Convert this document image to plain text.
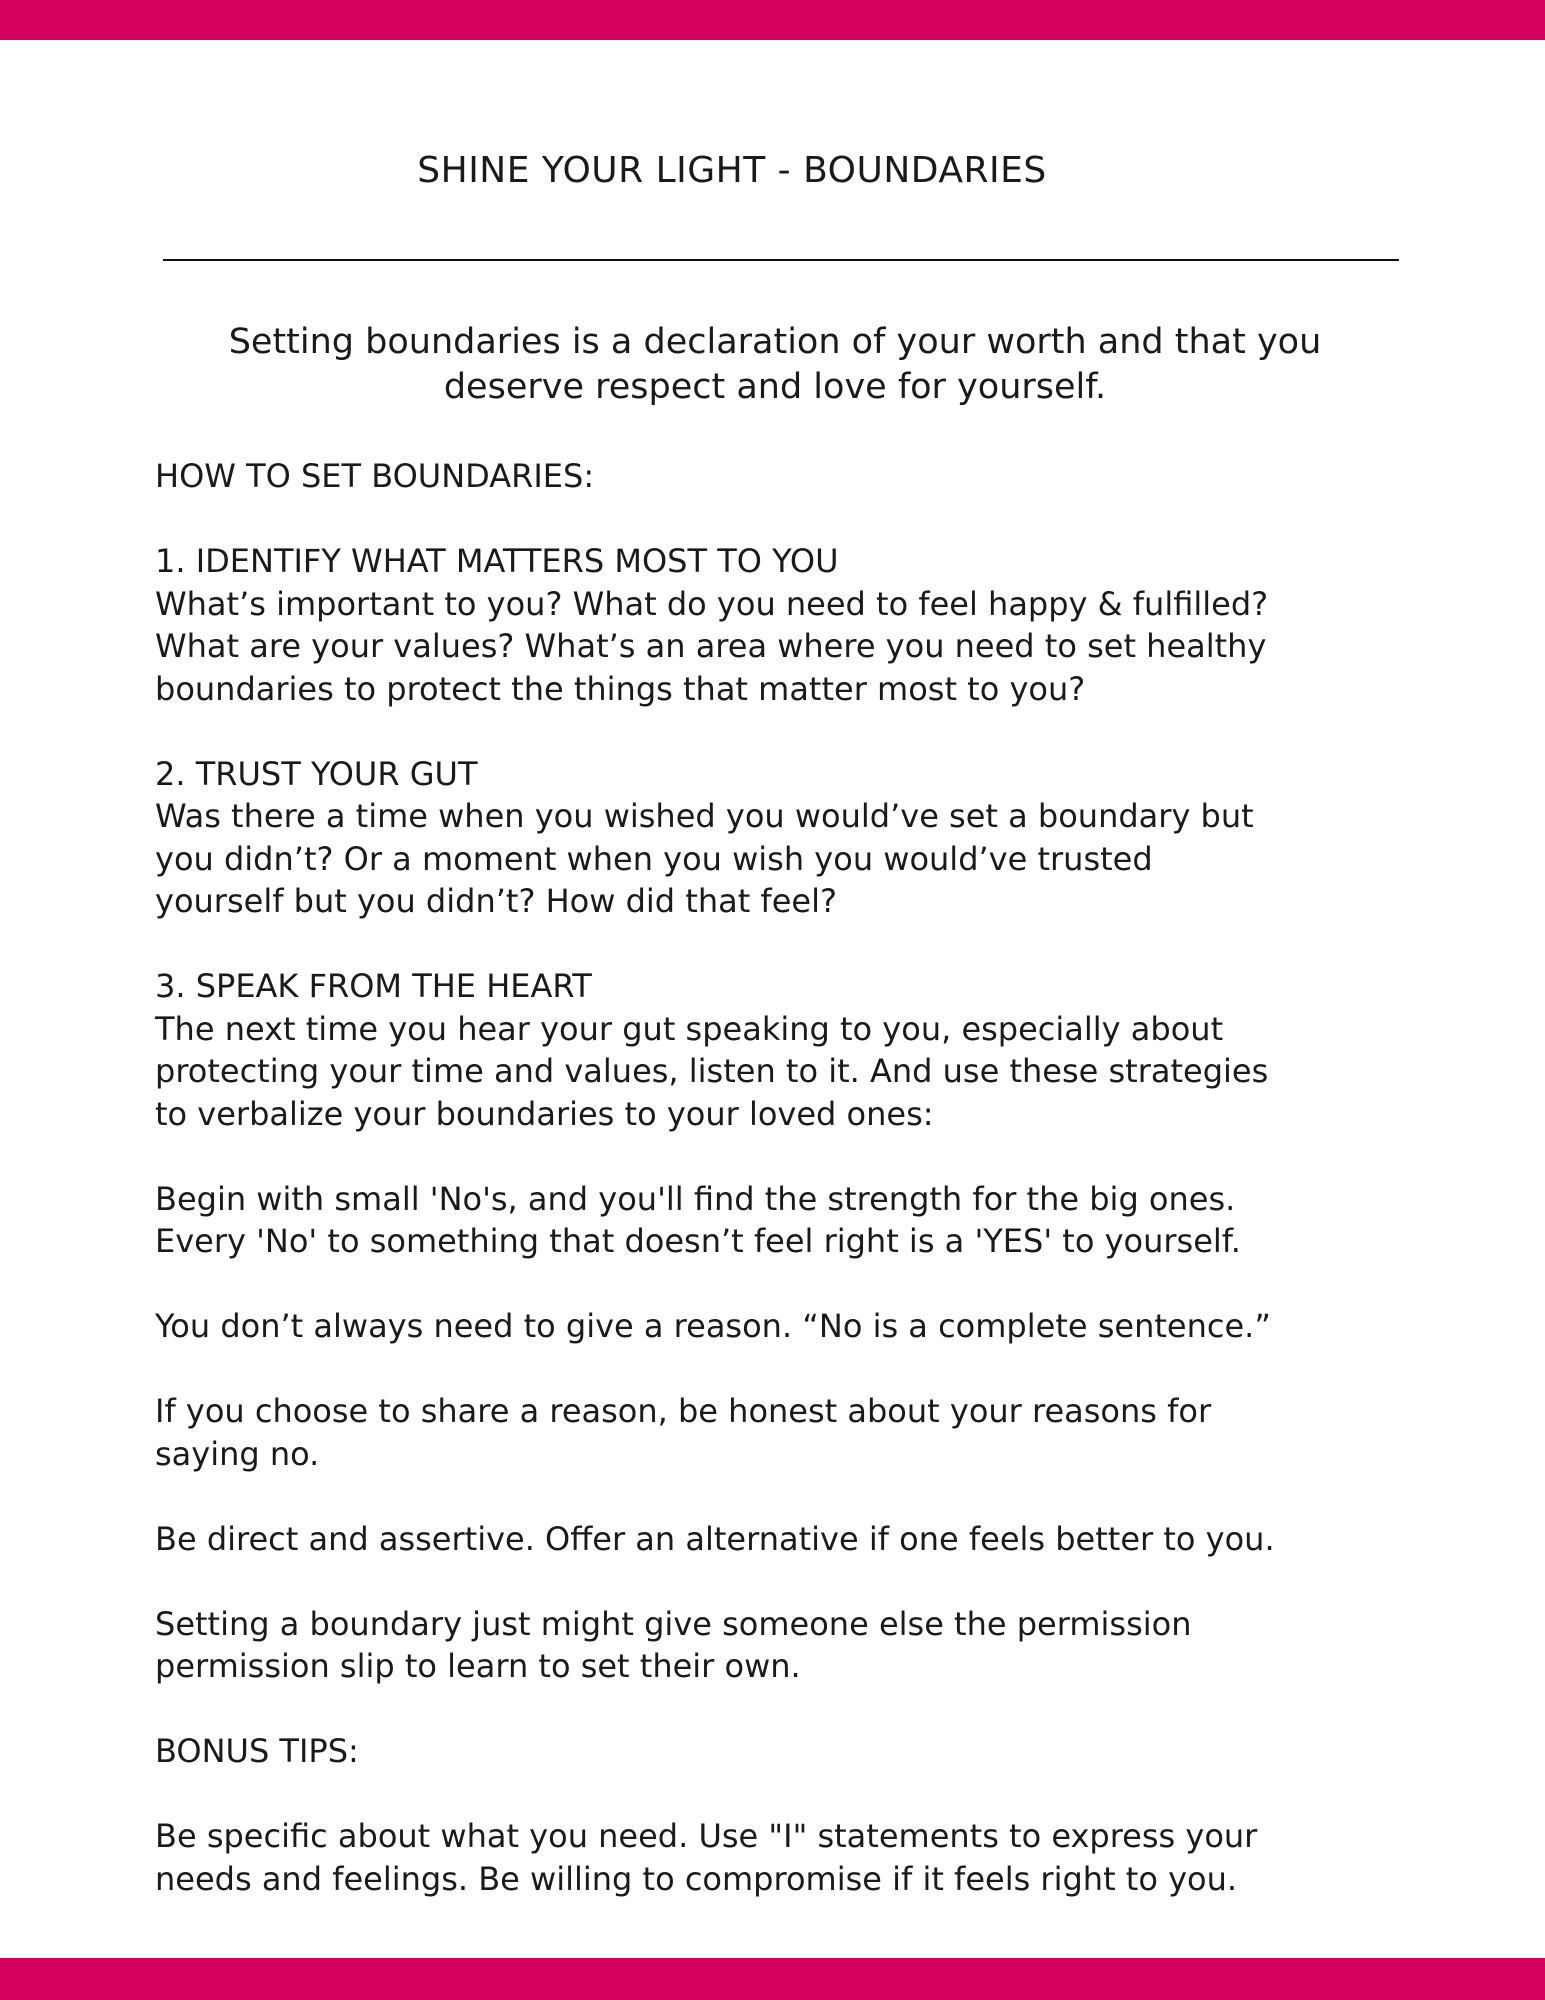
SHINE YOUR LIGHT - BOUNDARIES

Setting boundaries is a declaration of your worth and that you deserve respect and love for yourself.

HOW TO SET BOUNDARIES:
1. IDENTIFY WHAT MATTERS MOST TO YOU

What’s important to you? What do you need to feel happy & fulfilled?

What are your values? What’s an area where you need to set healthy

boundaries to protect the things that matter most to you?

2. TRUST YOUR GUT

Was there a time when you wished you would’ve set a boundary but

you didn’t? Or a moment when you wish you would’ve trusted

yourself but you didn’t? How did that feel?

3. SPEAK FROM THE HEART

The next time you hear your gut speaking to you, especially about

protecting your time and values, listen to it. And use these strategies

to verbalize your boundaries to your loved ones:

Begin with small 'No's, and you'll find the strength for the big ones.

Every 'No' to something that doesn’t feel right is a 'YES' to yourself.

You don’t always need to give a reason. “No is a complete sentence.”

If you choose to share a reason, be honest about your reasons for

saying no.

Be direct and assertive. Offer an alternative if one feels better to you.

Setting a boundary just might give someone else the permission

permission slip to learn to set their own.

BONUS TIPS:

Be specific about what you need. Use "I" statements to express your

needs and feelings. Be willing to compromise if it feels right to you.
